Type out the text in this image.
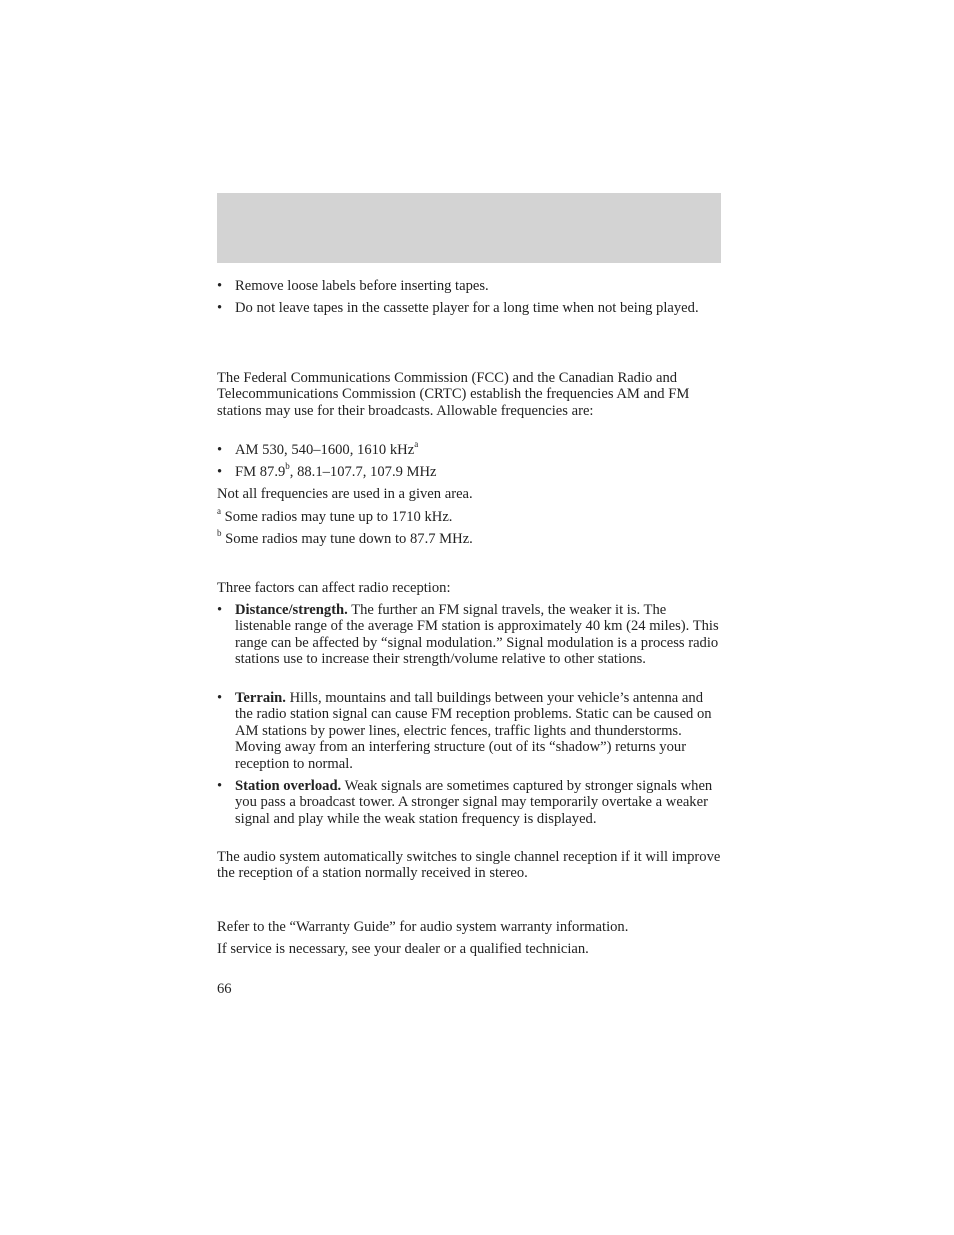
• Remove loose labels before inserting tapes.
• Do not leave tapes in the cassette player for a long time when not being played.

The Federal Communications Commission (FCC) and the Canadian Radio and Telecommunications Commission (CRTC) establish the frequencies AM and FM stations may use for their broadcasts. Allowable frequencies are:

• AM 530, 540–1600, 1610 kHz$^a$
• FM 87.9$^b$, 88.1–107.7, 107.9 MHz

Not all frequencies are used in a given area.

$^a$ Some radios may tune up to 1710 kHz.
$^b$ Some radios may tune down to 87.7 MHz.

Three factors can affect radio reception:

• Distance/strength. The further an FM signal travels, the weaker it is. The listenable range of the average FM station is approximately 40 km (24 miles). This range can be affected by “signal modulation.” Signal modulation is a process radio stations use to increase their strength/volume relative to other stations.
• Terrain. Hills, mountains and tall buildings between your vehicle’s antenna and the radio station signal can cause FM reception problems. Static can be caused on AM stations by power lines, electric fences, traffic lights and thunderstorms. Moving away from an interfering structure (out of its “shadow”) returns your reception to normal.
• Station overload. Weak signals are sometimes captured by stronger signals when you pass a broadcast tower. A stronger signal may temporarily overtake a weaker signal and play while the weak station frequency is displayed.

The audio system automatically switches to single channel reception if it will improve the reception of a station normally received in stereo.

Refer to the “Warranty Guide” for audio system warranty information.

If service is necessary, see your dealer or a qualified technician.

66
